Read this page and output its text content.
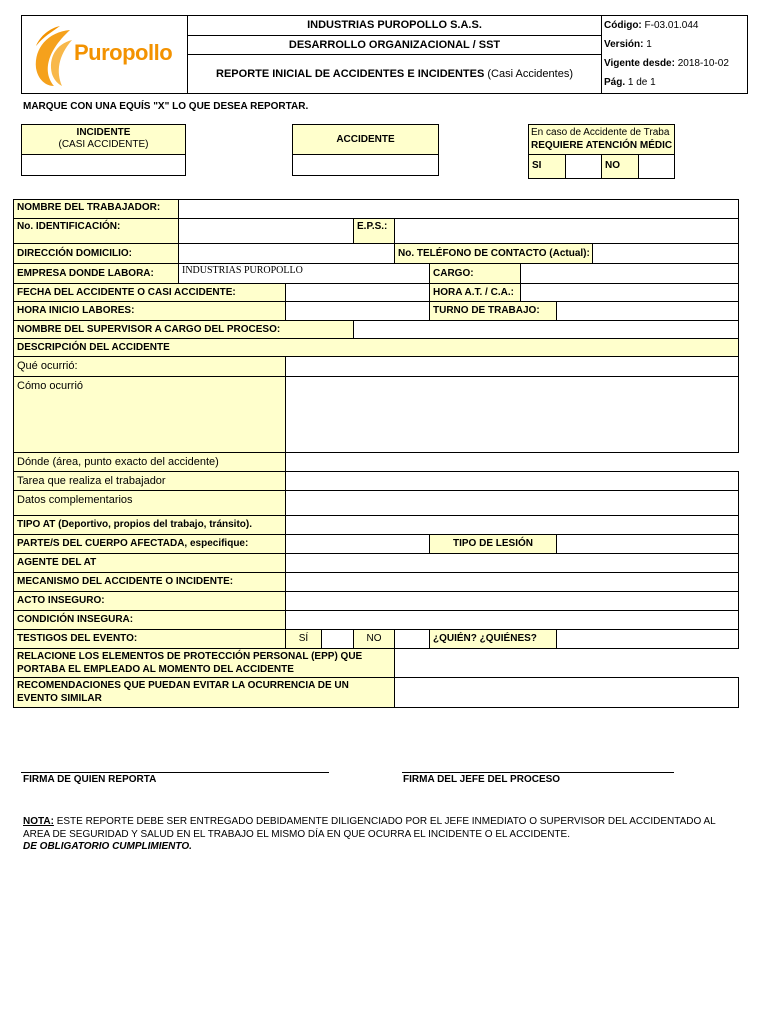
Puropollo
INDUSTRIAS PUROPOLLO S.A.S.
DESARROLLO ORGANIZACIONAL / SST
REPORTE INICIAL DE ACCIDENTES E INCIDENTES (Casi Accidentes)
Código: F-03.01.044
Versión: 1
Vigente desde: 2018-10-02
Pág. 1 de 1
MARQUE CON UNA EQUÍS "X" LO QUE DESEA REPORTAR.
INCIDENTE
(CASI ACCIDENTE)	ACCIDENTE
En caso de Accidente de Traba
REQUIERE ATENCIÓN MÉDIC
SI	NO
NOMBRE DEL TRABAJADOR:
No. IDENTIFICACIÓN:	E.P.S.:
DIRECCIÓN DOMICILIO:	No. TELÉFONO DE CONTACTO (Actual):
EMPRESA DONDE LABORA:	INDUSTRIAS PUROPOLLO	CARGO:
FECHA DEL ACCIDENTE O CASI ACCIDENTE:	HORA A.T. / C.A.:
HORA INICIO LABORES:	TURNO DE TRABAJO:
NOMBRE DEL SUPERVISOR A CARGO DEL PROCESO:
DESCRIPCIÓN DEL ACCIDENTE
Qué ocurrió:
Cómo ocurrió
Dónde (área, punto exacto del accidente)
Tarea que realiza el trabajador
Datos complementarios
TIPO AT (Deportivo, propios del trabajo, tránsito).
PARTE/S DEL CUERPO AFECTADA, especifique:	TIPO DE LESIÓN
AGENTE DEL AT
MECANISMO DEL ACCIDENTE O INCIDENTE:
ACTO INSEGURO:
CONDICIÓN INSEGURA:
TESTIGOS DEL EVENTO:	SÍ	NO	¿QUIÉN? ¿QUIÉNES?
RELACIONE LOS ELEMENTOS DE PROTECCIÓN PERSONAL (EPP) QUE PORTABA EL EMPLEADO AL MOMENTO DEL ACCIDENTE
RECOMENDACIONES QUE PUEDAN EVITAR LA OCURRENCIA DE UN EVENTO SIMILAR
FIRMA DE QUIEN REPORTA	FIRMA DEL JEFE DEL PROCESO
NOTA: ESTE REPORTE DEBE SER ENTREGADO DEBIDAMENTE DILIGENCIADO POR EL JEFE INMEDIATO O SUPERVISOR DEL ACCIDENTADO AL AREA DE SEGURIDAD Y SALUD EN EL TRABAJO EL MISMO DÍA EN QUE OCURRA EL INCIDENTE O EL ACCIDENTE.
DE OBLIGATORIO CUMPLIMIENTO.
